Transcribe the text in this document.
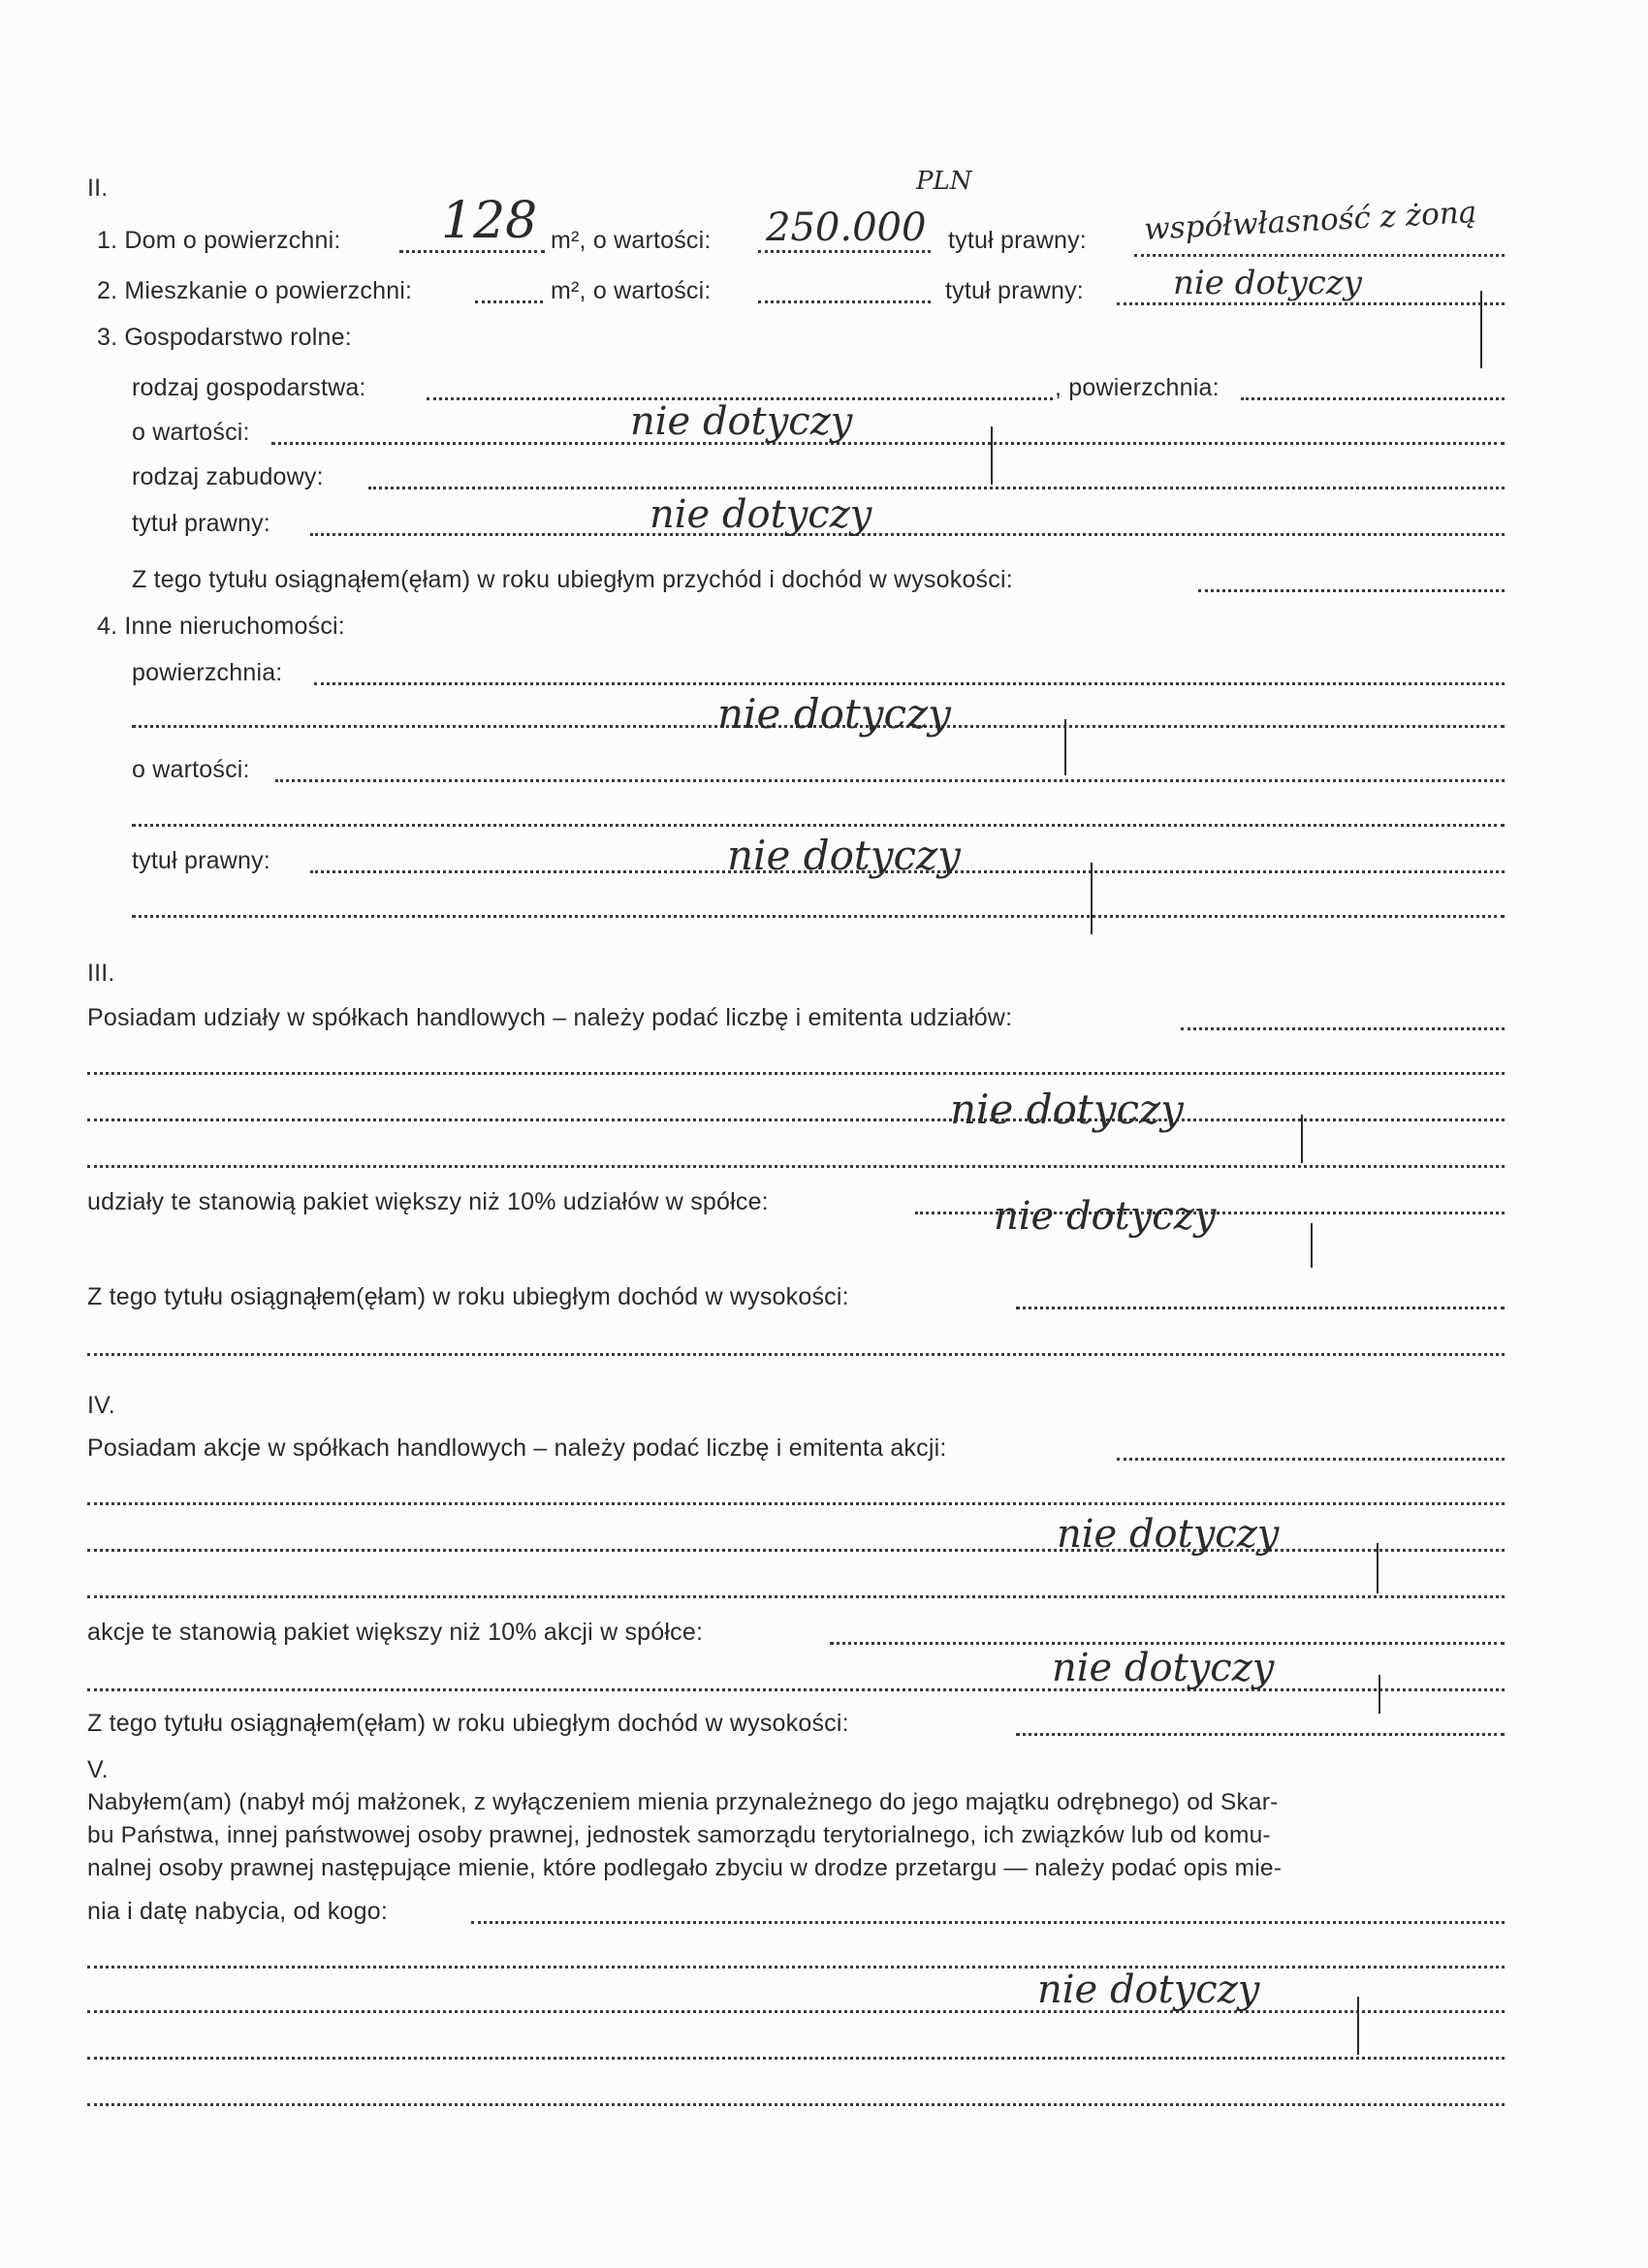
II.
1. Dom o powierzchni: 128 m², o wartości:
PLN
250.000 tytuł prawny: współwłasność z żoną
2. Mieszkanie o powierzchni:	m², o wartości:	tytuł prawny:	nie dotyczy
3. Gospodarstwo rolne:
rodzaj gospodarstwa:	, powierzchnia:
o wartości:	nie dotyczy
rodzaj zabudowy:
tytuł prawny:	nie dotyczy
Z tego tytułu osiągnąłem(ęłam) w roku ubiegłym przychód i dochód w wysokości:
4. Inne nieruchomości:
powierzchnia:
nie dotyczy
o wartości:
tytuł prawny:	nie dotyczy
III.
Posiadam udziały w spółkach handlowych – należy podać liczbę i emitenta udziałów:
nie dotyczy
udziały te stanowią pakiet większy niż 10% udziałów w spółce:	nie dotyczy
Z tego tytułu osiągnąłem(ęłam) w roku ubiegłym dochód w wysokości:
IV.
Posiadam akcje w spółkach handlowych – należy podać liczbę i emitenta akcji:
nie dotyczy
akcje te stanowią pakiet większy niż 10% akcji w spółce:
nie dotyczy
Z tego tytułu osiągnąłem(ęłam) w roku ubiegłym dochód w wysokości:
V.
Nabyłem(am) (nabył mój małżonek, z wyłączeniem mienia przynależnego do jego majątku odrębnego) od Skar-
bu Państwa, innej państwowej osoby prawnej, jednostek samorządu terytorialnego, ich związków lub od komu-
nalnej osoby prawnej następujące mienie, które podlegało zbyciu w drodze przetargu — należy podać opis mie-
nia i datę nabycia, od kogo:
nie dotyczy
